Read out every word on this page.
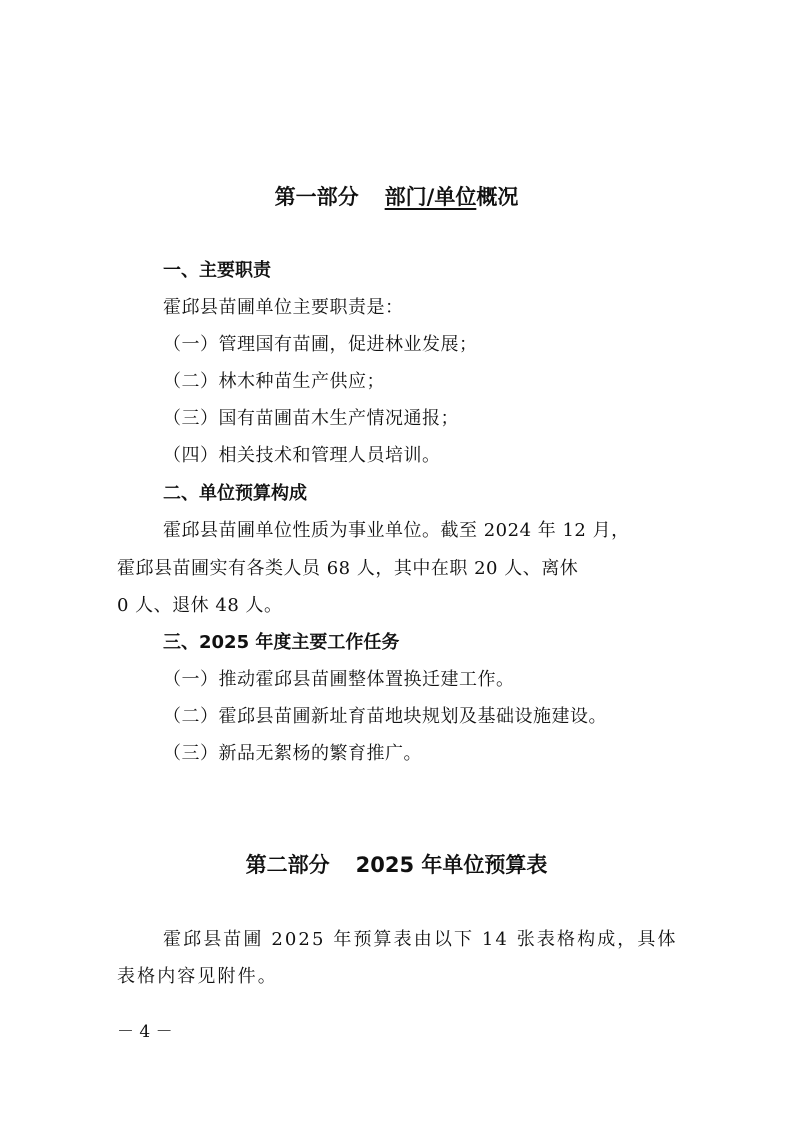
第一部分 部门/单位概况
一、主要职责
霍邱县苗圃单位主要职责是：
（一）管理国有苗圃，促进林业发展；
（二）林木种苗生产供应；
（三）国有苗圃苗木生产情况通报；
（四）相关技术和管理人员培训。
二、单位预算构成
霍邱县苗圃单位性质为事业单位。截至 2024 年 12 月，
霍邱县苗圃实有各类人员 68 人，其中在职 20 人、离休
0 人、退休 48 人。
三、2025 年度主要工作任务
（一）推动霍邱县苗圃整体置换迁建工作。
（二）霍邱县苗圃新址育苗地块规划及基础设施建设。
（三）新品无絮杨的繁育推广。
第二部分 2025 年单位预算表
霍邱县苗圃 2025 年预算表由以下 14 张表格构成，具体
表格内容见附件。
－ 4 －
